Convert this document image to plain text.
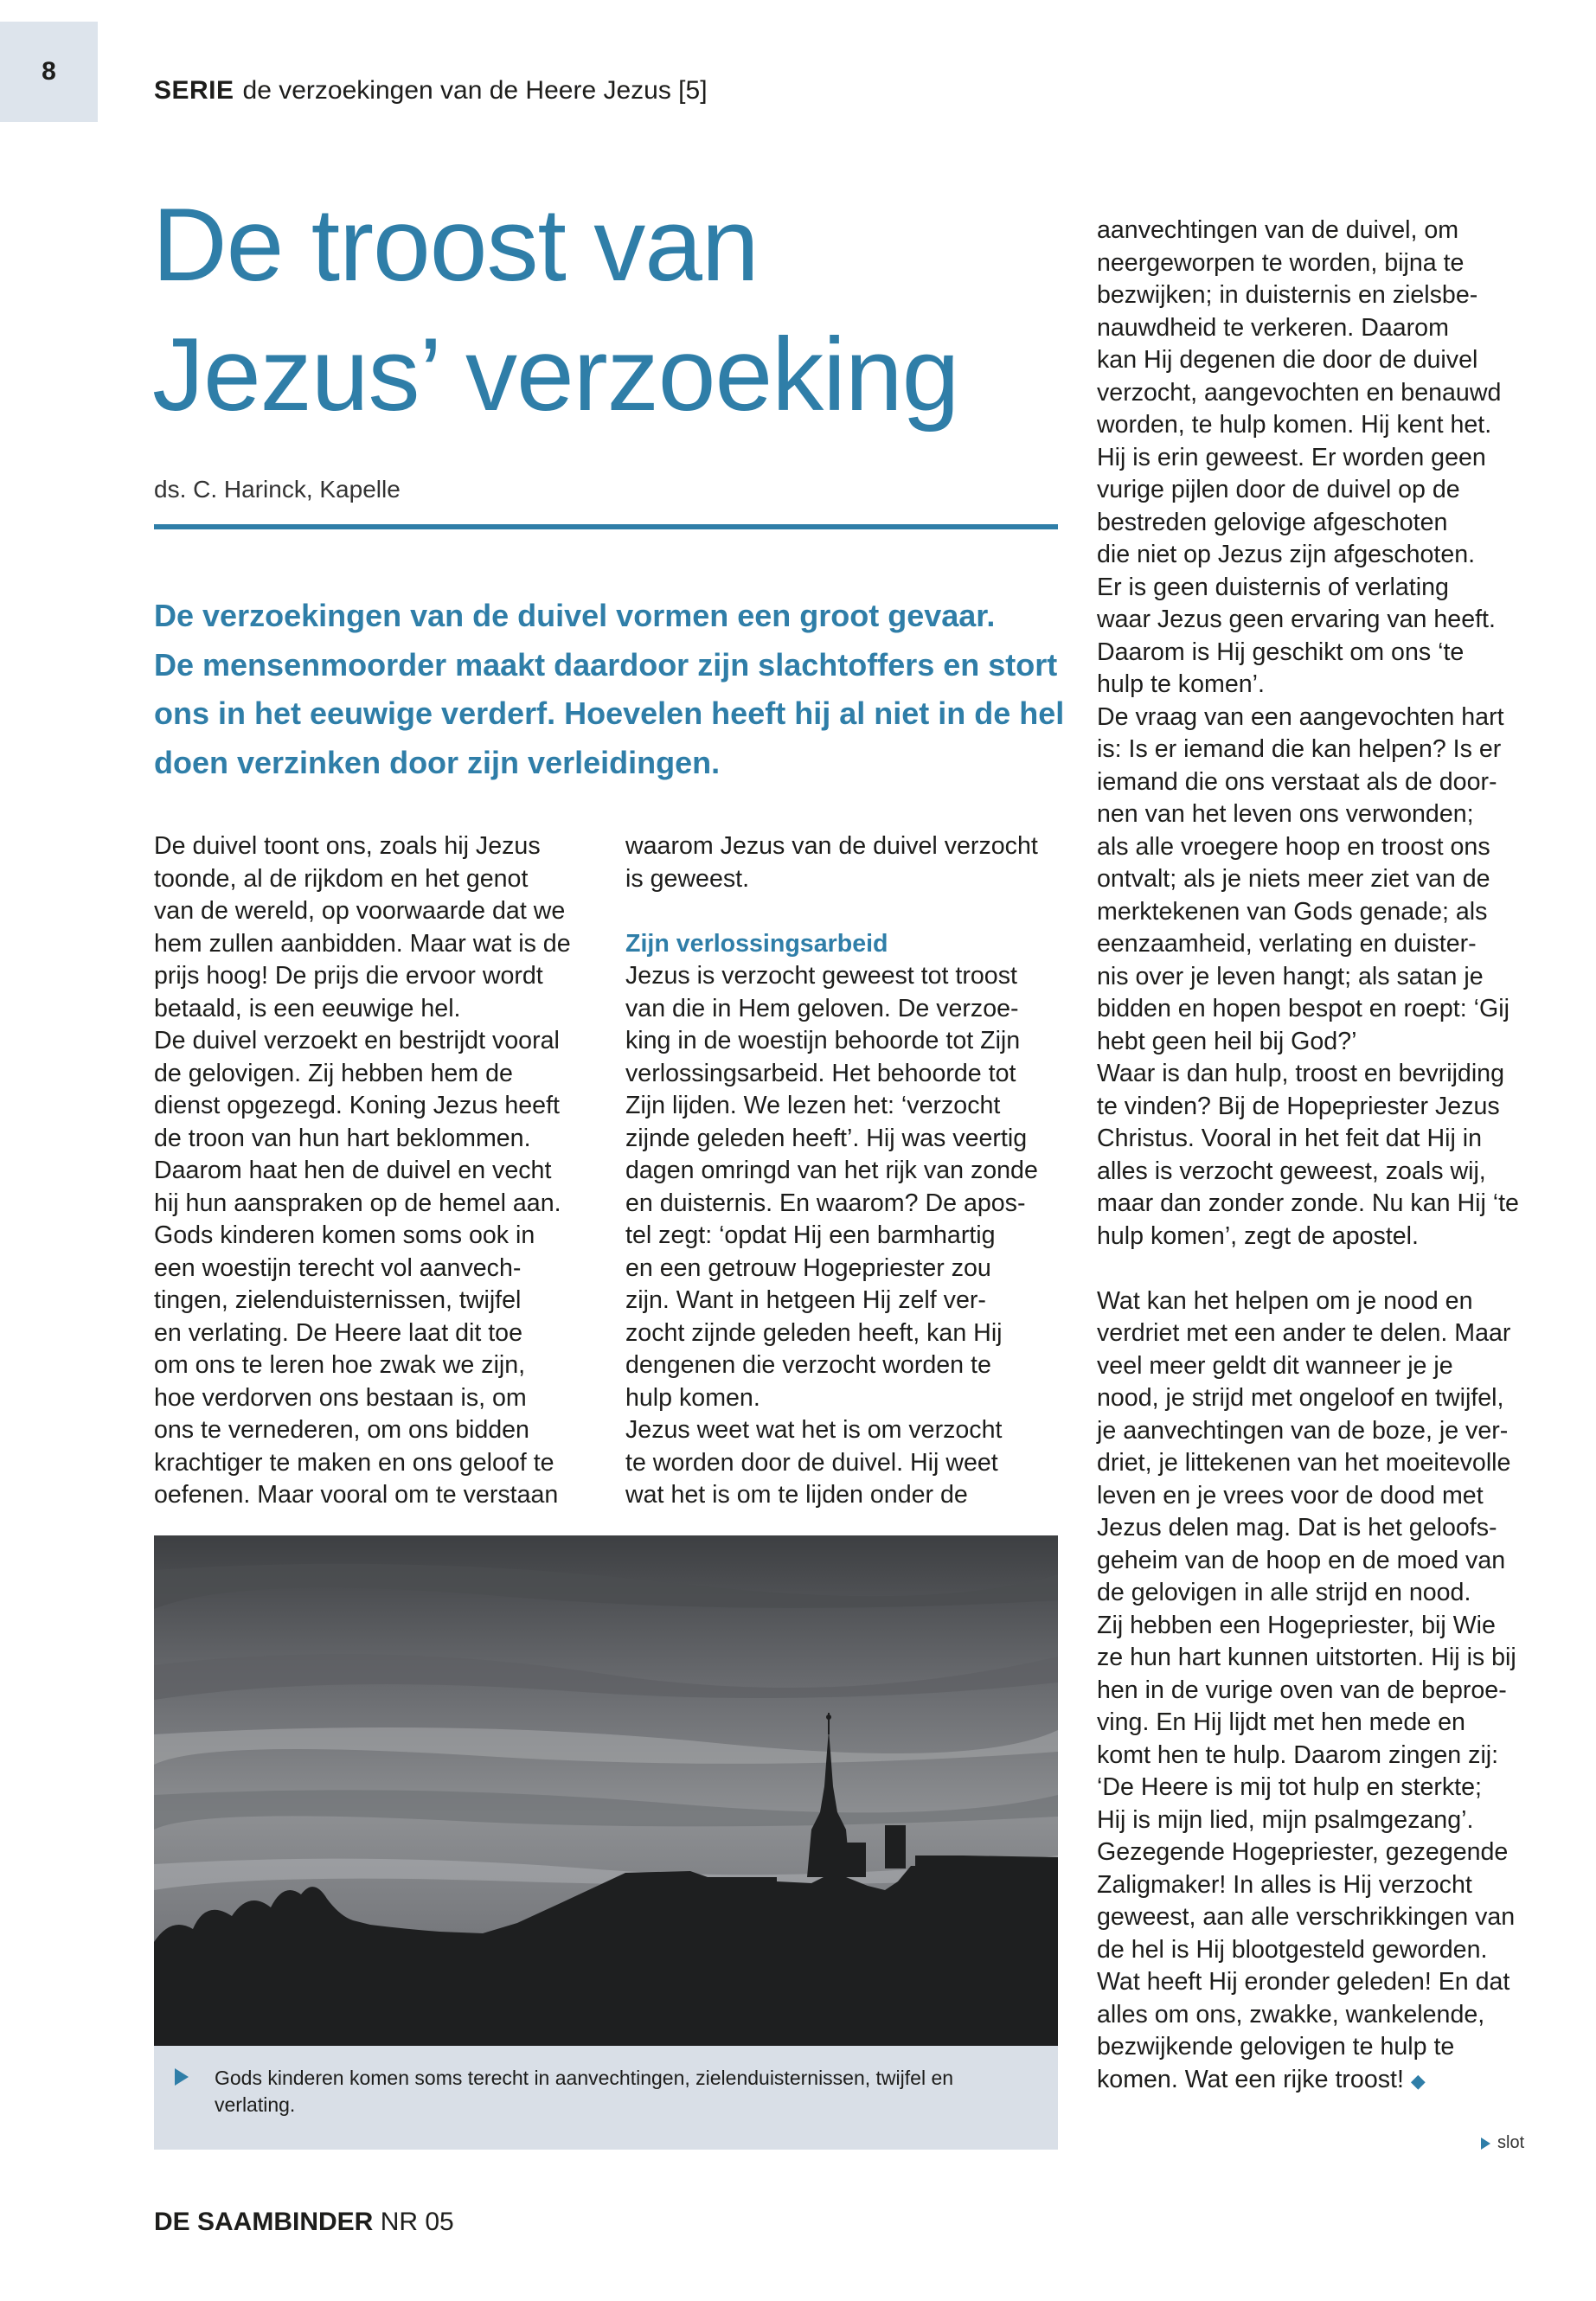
8
SERIE de verzoekingen van de Heere Jezus [5]
De troost van
Jezus’ verzoeking
ds. C. Harinck, Kapelle
De verzoekingen van de duivel vormen een groot gevaar.
De mensenmoorder maakt daardoor zijn slachtoffers en stort
ons in het eeuwige verderf. Hoevelen heeft hij al niet in de hel
doen verzinken door zijn verleidingen.
De duivel toont ons, zoals hij Jezus
toonde, al de rijkdom en het genot
van de wereld, op voorwaarde dat we
hem zullen aanbidden. Maar wat is de
prijs hoog! De prijs die ervoor wordt
betaald, is een eeuwige hel.
De duivel verzoekt en bestrijdt vooral
de gelovigen. Zij hebben hem de
dienst opgezegd. Koning Jezus heeft
de troon van hun hart beklommen.
Daarom haat hen de duivel en vecht
hij hun aanspraken op de hemel aan.
Gods kinderen komen soms ook in
een woestijn terecht vol aanvech-
tingen, zielenduisternissen, twijfel
en verlating. De Heere laat dit toe
om ons te leren hoe zwak we zijn,
hoe verdorven ons bestaan is, om
ons te vernederen, om ons bidden
krachtiger te maken en ons geloof te
oefenen. Maar vooral om te verstaan
waarom Jezus van de duivel verzocht
is geweest.
Zijn verlossingsarbeid
Jezus is verzocht geweest tot troost
van die in Hem geloven. De verzoe-
king in de woestijn behoorde tot Zijn
verlossingsarbeid. Het behoorde tot
Zijn lijden. We lezen het: ‘verzocht
zijnde geleden heeft’. Hij was veertig
dagen omringd van het rijk van zonde
en duisternis. En waarom? De apos-
tel zegt: ‘opdat Hij een barmhartig
en een getrouw Hogepriester zou
zijn. Want in hetgeen Hij zelf ver-
zocht zijnde geleden heeft, kan Hij
dengenen die verzocht worden te
hulp komen.
Jezus weet wat het is om verzocht
te worden door de duivel. Hij weet
wat het is om te lijden onder de
aanvechtingen van de duivel, om
neergeworpen te worden, bijna te
bezwijken; in duisternis en zielsbe-
nauwdheid te verkeren. Daarom
kan Hij degenen die door de duivel
verzocht, aangevochten en benauwd
worden, te hulp komen. Hij kent het.
Hij is erin geweest. Er worden geen
vurige pijlen door de duivel op de
bestreden gelovige afgeschoten
die niet op Jezus zijn afgeschoten.
Er is geen duisternis of verlating
waar Jezus geen ervaring van heeft.
Daarom is Hij geschikt om ons ‘te
hulp te komen’.
De vraag van een aangevochten hart
is: Is er iemand die kan helpen? Is er
iemand die ons verstaat als de door-
nen van het leven ons verwonden;
als alle vroegere hoop en troost ons
ontvalt; als je niets meer ziet van de
merktekenen van Gods genade; als
eenzaamheid, verlating en duister-
nis over je leven hangt; als satan je
bidden en hopen bespot en roept: ‘Gij
hebt geen heil bij God?’
Waar is dan hulp, troost en bevrijding
te vinden? Bij de Hopepriester Jezus
Christus. Vooral in het feit dat Hij in
alles is verzocht geweest, zoals wij,
maar dan zonder zonde. Nu kan Hij ‘te
hulp komen’, zegt de apostel.
Wat kan het helpen om je nood en
verdriet met een ander te delen. Maar
veel meer geldt dit wanneer je je
nood, je strijd met ongeloof en twijfel,
je aanvechtingen van de boze, je ver-
driet, je littekenen van het moeitevolle
leven en je vrees voor de dood met
Jezus delen mag. Dat is het geloofs-
geheim van de hoop en de moed van
de gelovigen in alle strijd en nood.
Zij hebben een Hogepriester, bij Wie
ze hun hart kunnen uitstorten. Hij is bij
hen in de vurige oven van de beproe-
ving. En Hij lijdt met hen mede en
komt hen te hulp. Daarom zingen zij:
‘De Heere is mij tot hulp en sterkte;
Hij is mijn lied, mijn psalmgezang’.
Gezegende Hogepriester, gezegende
Zaligmaker! In alles is Hij verzocht
geweest, aan alle verschrikkingen van
de hel is Hij blootgesteld geworden.
Wat heeft Hij eronder geleden! En dat
alles om ons, zwakke, wankelende,
bezwijkende gelovigen te hulp te
komen. Wat een rijke troost! ◆
Gods kinderen komen soms terecht in aanvechtingen, zielenduisternissen, twijfel en
verlating.
slot
DE SAAMBINDER NR 05
